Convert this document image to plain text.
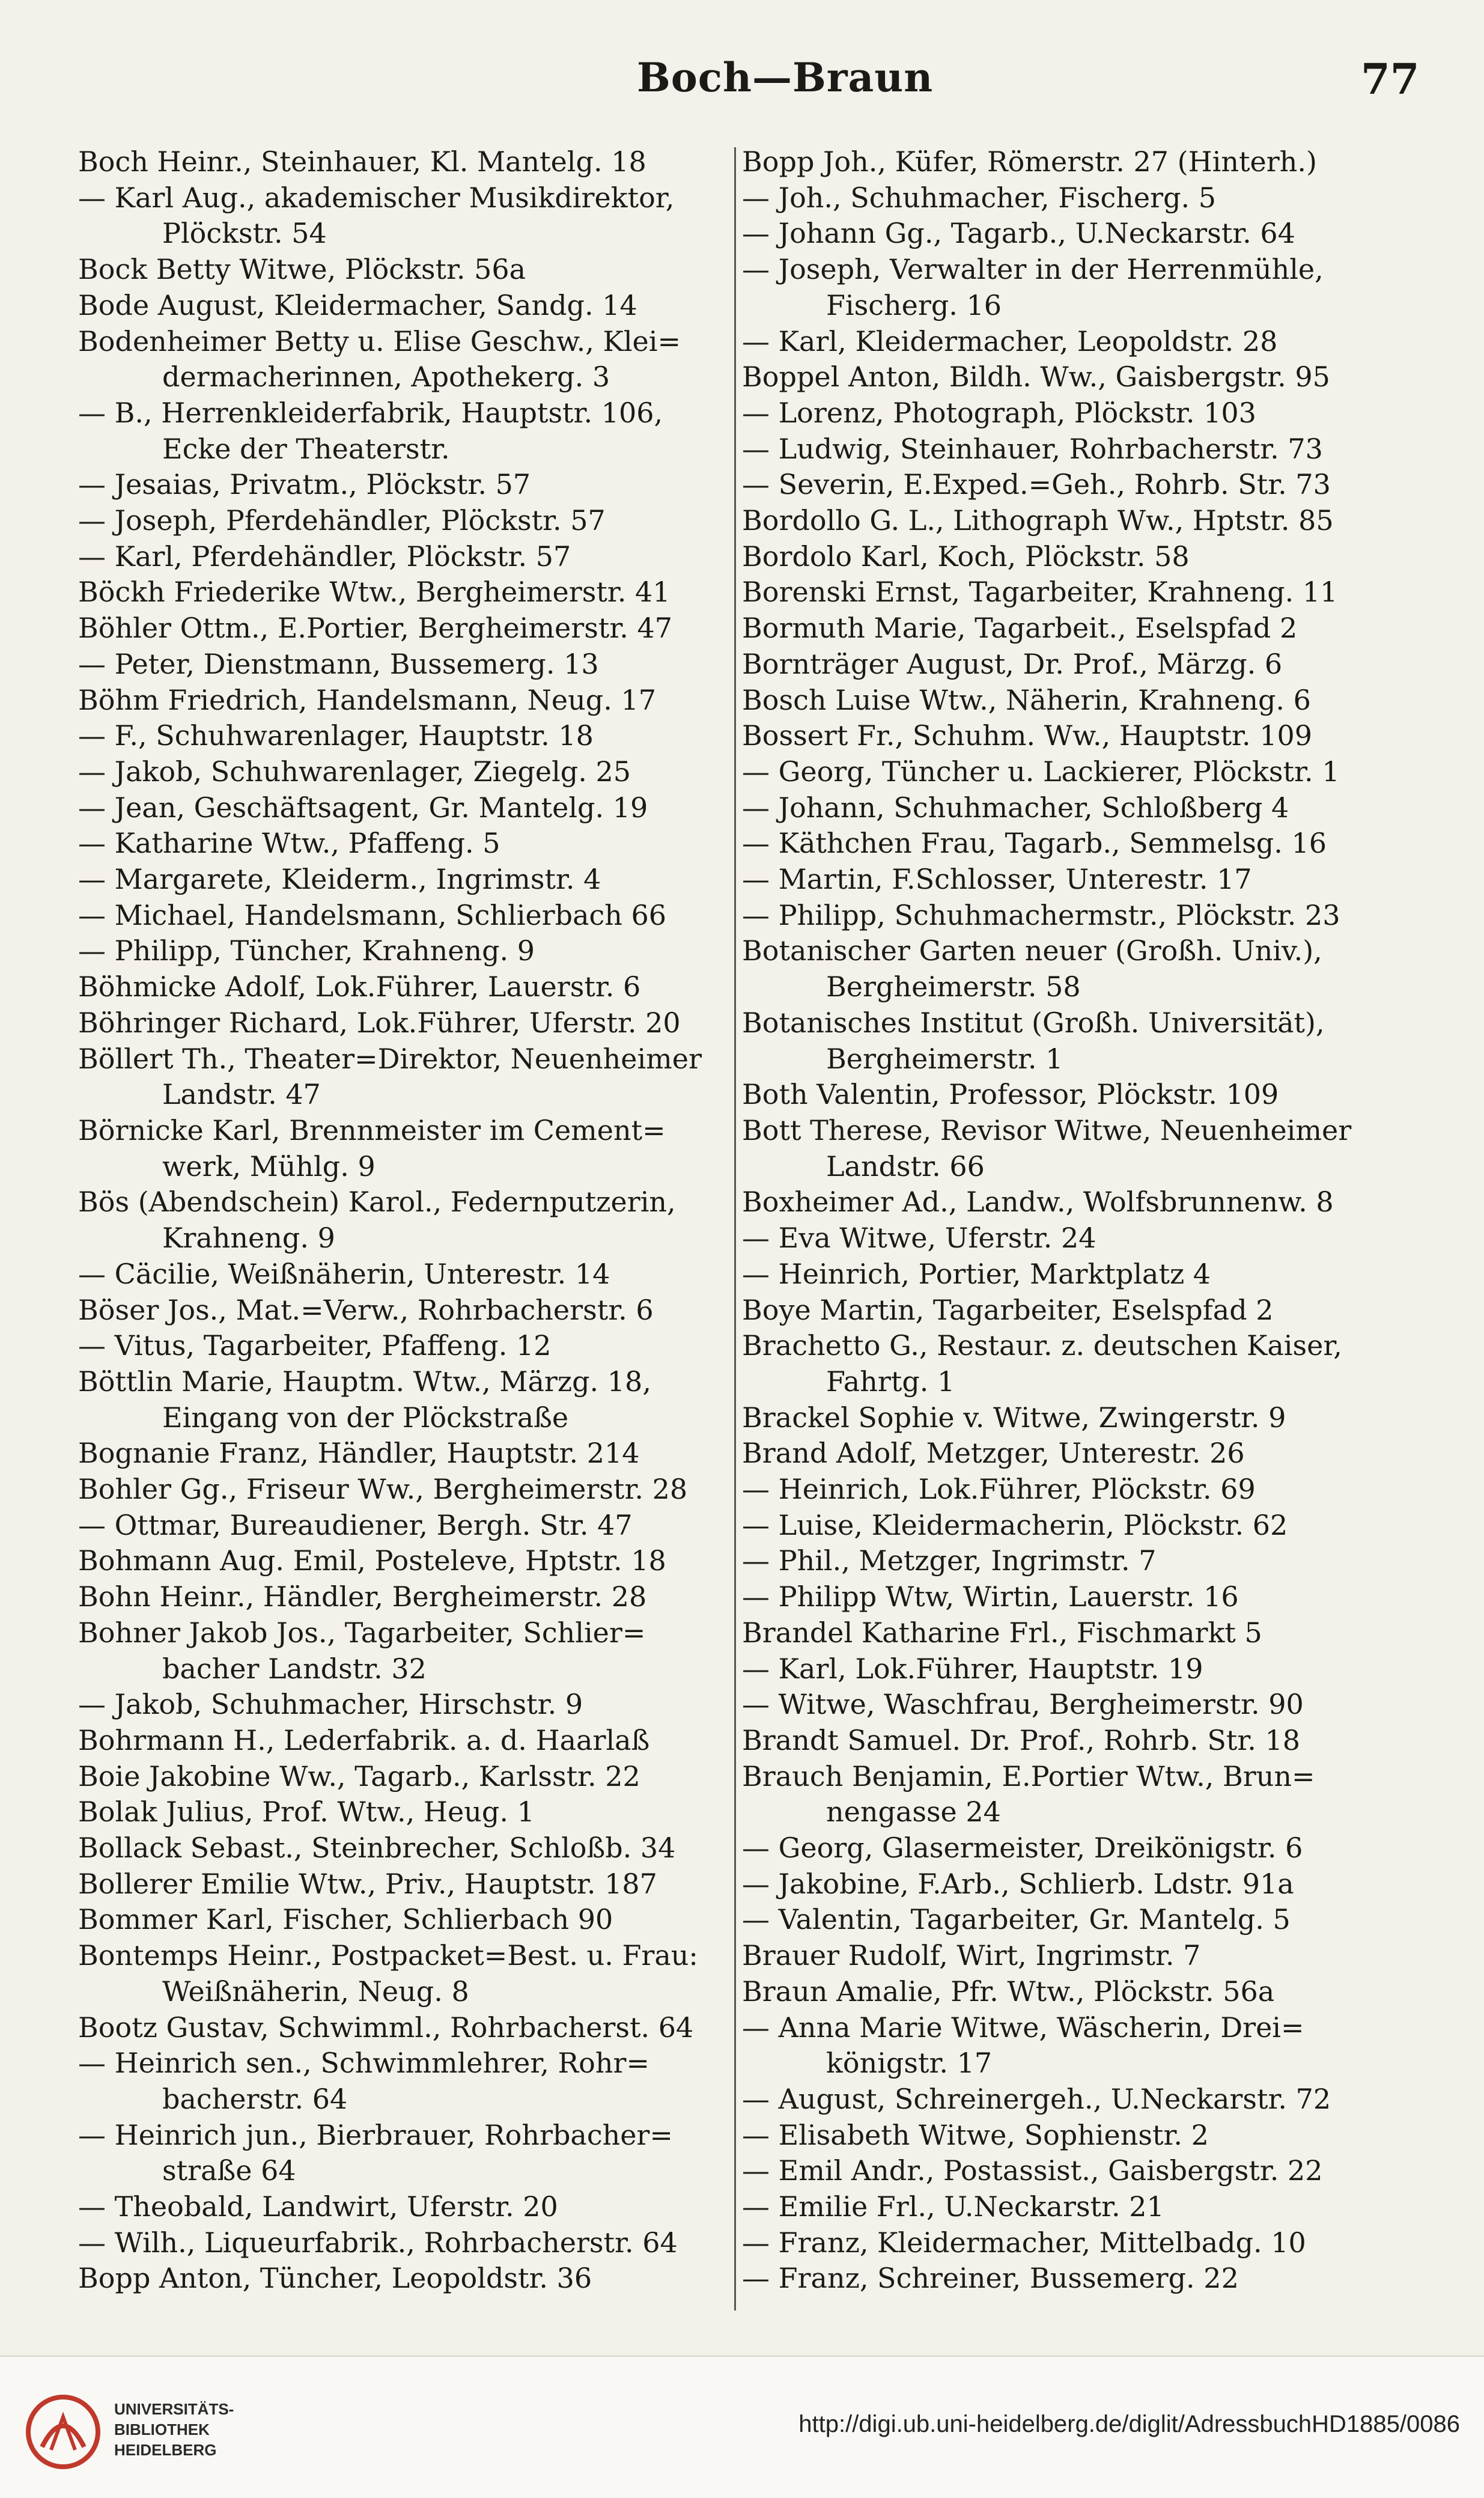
Boch—Braun	77
Boch Heinr., Steinhauer, Kl. Mantelg. 18
— Karl Aug., akademischer Musikdirektor,
Plöckstr. 54
Bock Betty Witwe, Plöckstr. 56a
Bode August, Kleidermacher, Sandg. 14
Bodenheimer Betty u. Elise Geschw., Klei=
dermacherinnen, Apothekerg. 3
— B., Herrenkleiderfabrik, Hauptstr. 106,
Ecke der Theaterstr.
— Jesaias, Privatm., Plöckstr. 57
— Joseph, Pferdehändler, Plöckstr. 57
— Karl, Pferdehändler, Plöckstr. 57
Böckh Friederike Wtw., Bergheimerstr. 41
Böhler Ottm., E.Portier, Bergheimerstr. 47
— Peter, Dienstmann, Bussemerg. 13
Böhm Friedrich, Handelsmann, Neug. 17
— F., Schuhwarenlager, Hauptstr. 18
— Jakob, Schuhwarenlager, Ziegelg. 25
— Jean, Geschäftsagent, Gr. Mantelg. 19
— Katharine Wtw., Pfaffeng. 5
— Margarete, Kleiderm., Ingrimstr. 4
— Michael, Handelsmann, Schlierbach 66
— Philipp, Tüncher, Krahneng. 9
Böhmicke Adolf, Lok.Führer, Lauerstr. 6
Böhringer Richard, Lok.Führer, Uferstr. 20
Böllert Th., Theater=Direktor, Neuenheimer
Landstr. 47
Börnicke Karl, Brennmeister im Cement=
werk, Mühlg. 9
Bös (Abendschein) Karol., Federnputzerin,
Krahneng. 9
— Cäcilie, Weißnäherin, Unterestr. 14
Böser Jos., Mat.=Verw., Rohrbacherstr. 6
— Vitus, Tagarbeiter, Pfaffeng. 12
Böttlin Marie, Hauptm. Wtw., Märzg. 18,
Eingang von der Plöckstraße
Bognanie Franz, Händler, Hauptstr. 214
Bohler Gg., Friseur Ww., Bergheimerstr. 28
— Ottmar, Bureaudiener, Bergh. Str. 47
Bohmann Aug. Emil, Posteleve, Hptstr. 18
Bohn Heinr., Händler, Bergheimerstr. 28
Bohner Jakob Jos., Tagarbeiter, Schlier=
bacher Landstr. 32
— Jakob, Schuhmacher, Hirschstr. 9
Bohrmann H., Lederfabrik. a. d. Haarlaß
Boie Jakobine Ww., Tagarb., Karlsstr. 22
Bolak Julius, Prof. Wtw., Heug. 1
Bollack Sebast., Steinbrecher, Schloßb. 34
Bollerer Emilie Wtw., Priv., Hauptstr. 187
Bommer Karl, Fischer, Schlierbach 90
Bontemps Heinr., Postpacket=Best. u. Frau:
Weißnäherin, Neug. 8
Bootz Gustav, Schwimml., Rohrbacherst. 64
— Heinrich sen., Schwimmlehrer, Rohr=
bacherstr. 64
— Heinrich jun., Bierbrauer, Rohrbacher=
straße 64
— Theobald, Landwirt, Uferstr. 20
— Wilh., Liqueurfabrik., Rohrbacherstr. 64
Bopp Anton, Tüncher, Leopoldstr. 36
Bopp Joh., Küfer, Römerstr. 27 (Hinterh.)
— Joh., Schuhmacher, Fischerg. 5
— Johann Gg., Tagarb., U.Neckarstr. 64
— Joseph, Verwalter in der Herrenmühle,
Fischerg. 16
— Karl, Kleidermacher, Leopoldstr. 28
Boppel Anton, Bildh. Ww., Gaisbergstr. 95
— Lorenz, Photograph, Plöckstr. 103
— Ludwig, Steinhauer, Rohrbacherstr. 73
— Severin, E.Exped.=Geh., Rohrb. Str. 73
Bordollo G. L., Lithograph Ww., Hptstr. 85
Bordolo Karl, Koch, Plöckstr. 58
Borenski Ernst, Tagarbeiter, Krahneng. 11
Bormuth Marie, Tagarbeit., Eselspfad 2
Bornträger August, Dr. Prof., Märzg. 6
Bosch Luise Wtw., Näherin, Krahneng. 6
Bossert Fr., Schuhm. Ww., Hauptstr. 109
— Georg, Tüncher u. Lackierer, Plöckstr. 1
— Johann, Schuhmacher, Schloßberg 4
— Käthchen Frau, Tagarb., Semmelsg. 16
— Martin, F.Schlosser, Unterestr. 17
— Philipp, Schuhmachermstr., Plöckstr. 23
Botanischer Garten neuer (Großh. Univ.),
Bergheimerstr. 58
Botanisches Institut (Großh. Universität),
Bergheimerstr. 1
Both Valentin, Professor, Plöckstr. 109
Bott Therese, Revisor Witwe, Neuenheimer
Landstr. 66
Boxheimer Ad., Landw., Wolfsbrunnenw. 8
— Eva Witwe, Uferstr. 24
— Heinrich, Portier, Marktplatz 4
Boye Martin, Tagarbeiter, Eselspfad 2
Brachetto G., Restaur. z. deutschen Kaiser,
Fahrtg. 1
Brackel Sophie v. Witwe, Zwingerstr. 9
Brand Adolf, Metzger, Unterestr. 26
— Heinrich, Lok.Führer, Plöckstr. 69
— Luise, Kleidermacherin, Plöckstr. 62
— Phil., Metzger, Ingrimstr. 7
— Philipp Wtw, Wirtin, Lauerstr. 16
Brandel Katharine Frl., Fischmarkt 5
— Karl, Lok.Führer, Hauptstr. 19
— Witwe, Waschfrau, Bergheimerstr. 90
Brandt Samuel. Dr. Prof., Rohrb. Str. 18
Brauch Benjamin, E.Portier Wtw., Brun=
nengasse 24
— Georg, Glasermeister, Dreikönigstr. 6
— Jakobine, F.Arb., Schlierb. Ldstr. 91a
— Valentin, Tagarbeiter, Gr. Mantelg. 5
Brauer Rudolf, Wirt, Ingrimstr. 7
Braun Amalie, Pfr. Wtw., Plöckstr. 56a
— Anna Marie Witwe, Wäscherin, Drei=
königstr. 17
— August, Schreinergeh., U.Neckarstr. 72
— Elisabeth Witwe, Sophienstr. 2
— Emil Andr., Postassist., Gaisbergstr. 22
— Emilie Frl., U.Neckarstr. 21
— Franz, Kleidermacher, Mittelbadg. 10
— Franz, Schreiner, Bussemerg. 22
UNIVERSITÄTS-
BIBLIOTHEK
HEIDELBERG
http://digi.ub.uni-heidelberg.de/diglit/AdressbuchHD1885/0086
